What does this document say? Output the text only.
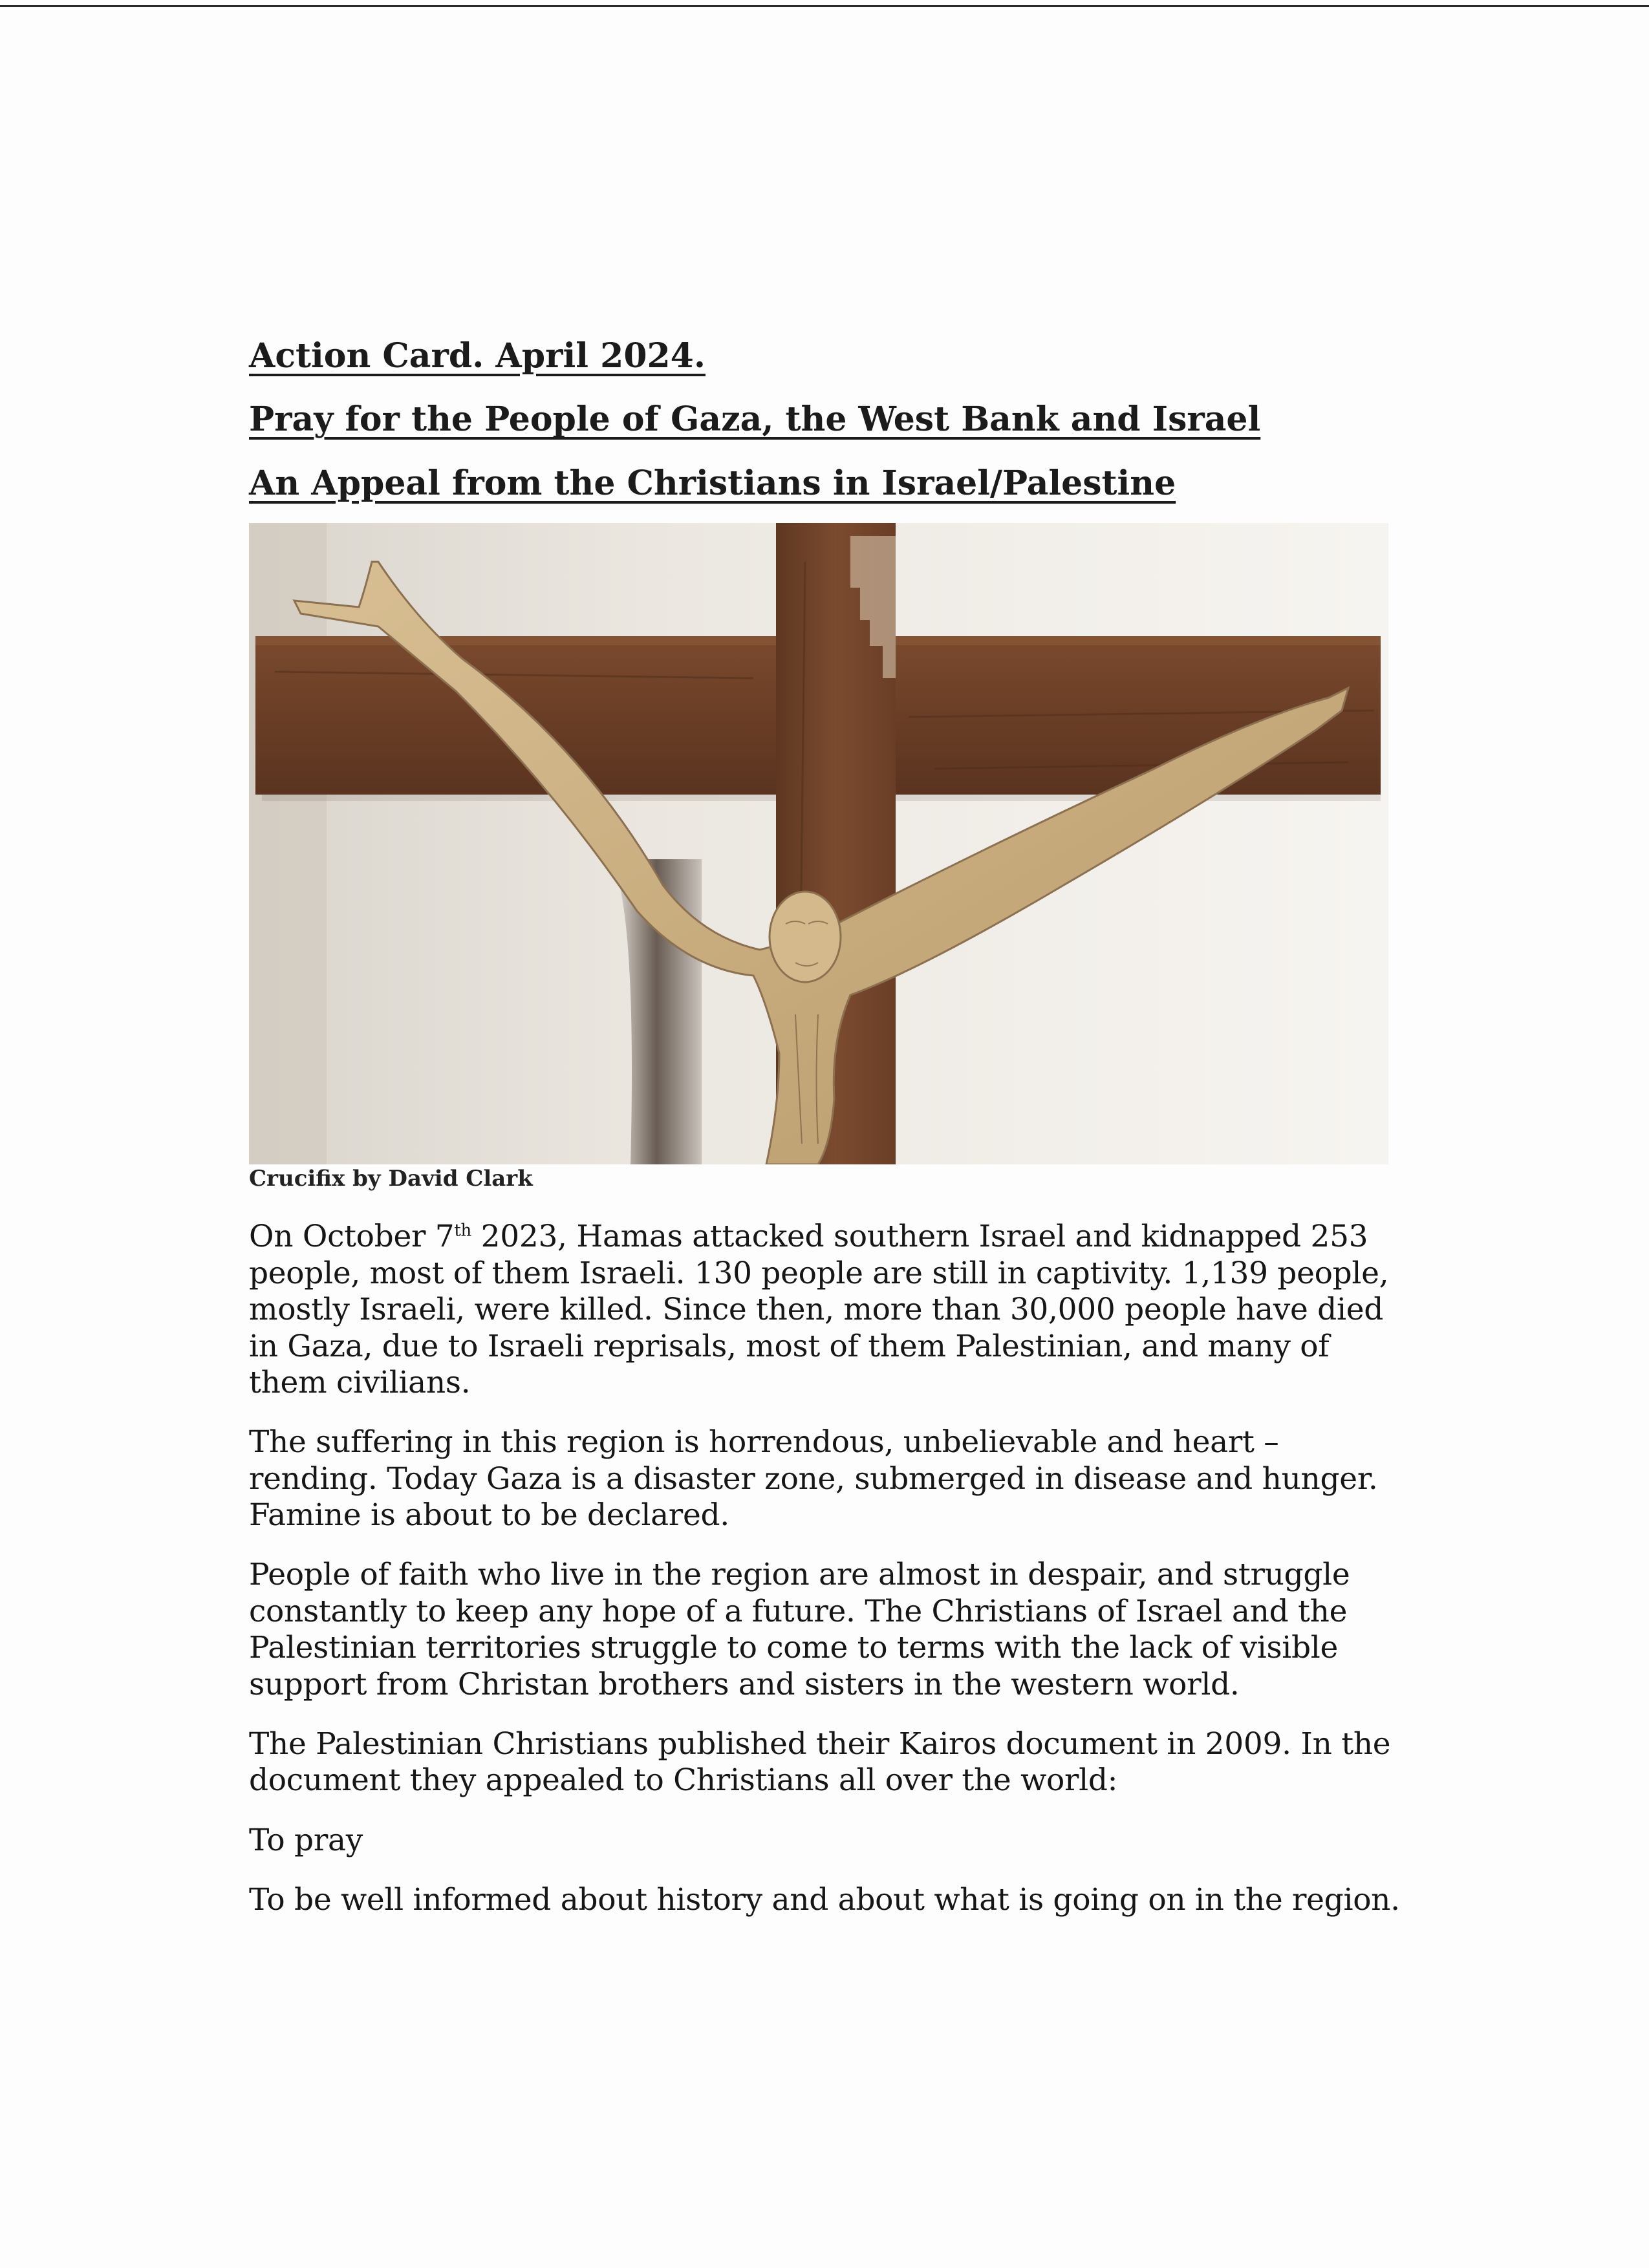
Action Card. April 2024.

Pray for the People of Gaza, the West Bank and Israel

An Appeal from the Christians in Israel/Palestine

Crucifix by David Clark

On October 7th 2023, Hamas attacked southern Israel and kidnapped 253 people, most of them Israeli. 130 people are still in captivity. 1,139 people, mostly Israeli, were killed. Since then, more than 30,000 people have died in Gaza, due to Israeli reprisals, most of them Palestinian, and many of them civilians.

The suffering in this region is horrendous, unbelievable and heart – rending. Today Gaza is a disaster zone, submerged in disease and hunger. Famine is about to be declared.

People of faith who live in the region are almost in despair, and struggle constantly to keep any hope of a future. The Christians of Israel and the Palestinian territories struggle to come to terms with the lack of visible support from Christan brothers and sisters in the western world.

The Palestinian Christians published their Kairos document in 2009. In the document they appealed to Christians all over the world:

To pray

To be well informed about history and about what is going on in the region.
